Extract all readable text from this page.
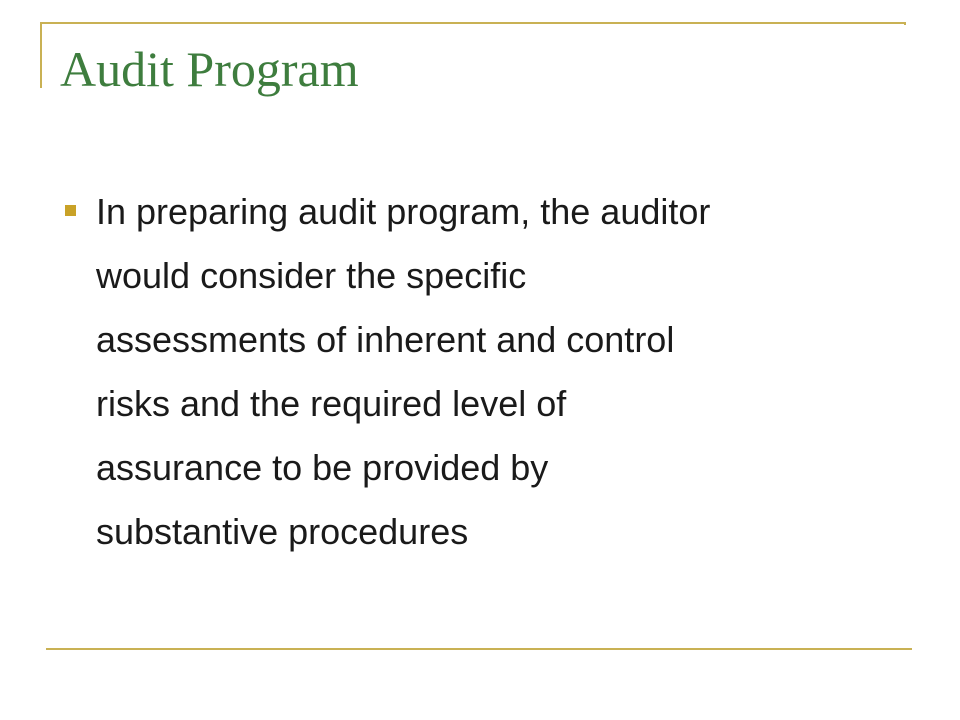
Audit Program

In preparing audit program, the auditor
would consider the specific
assessments of inherent and control
risks and the required level of
assurance to be provided by
substantive procedures
